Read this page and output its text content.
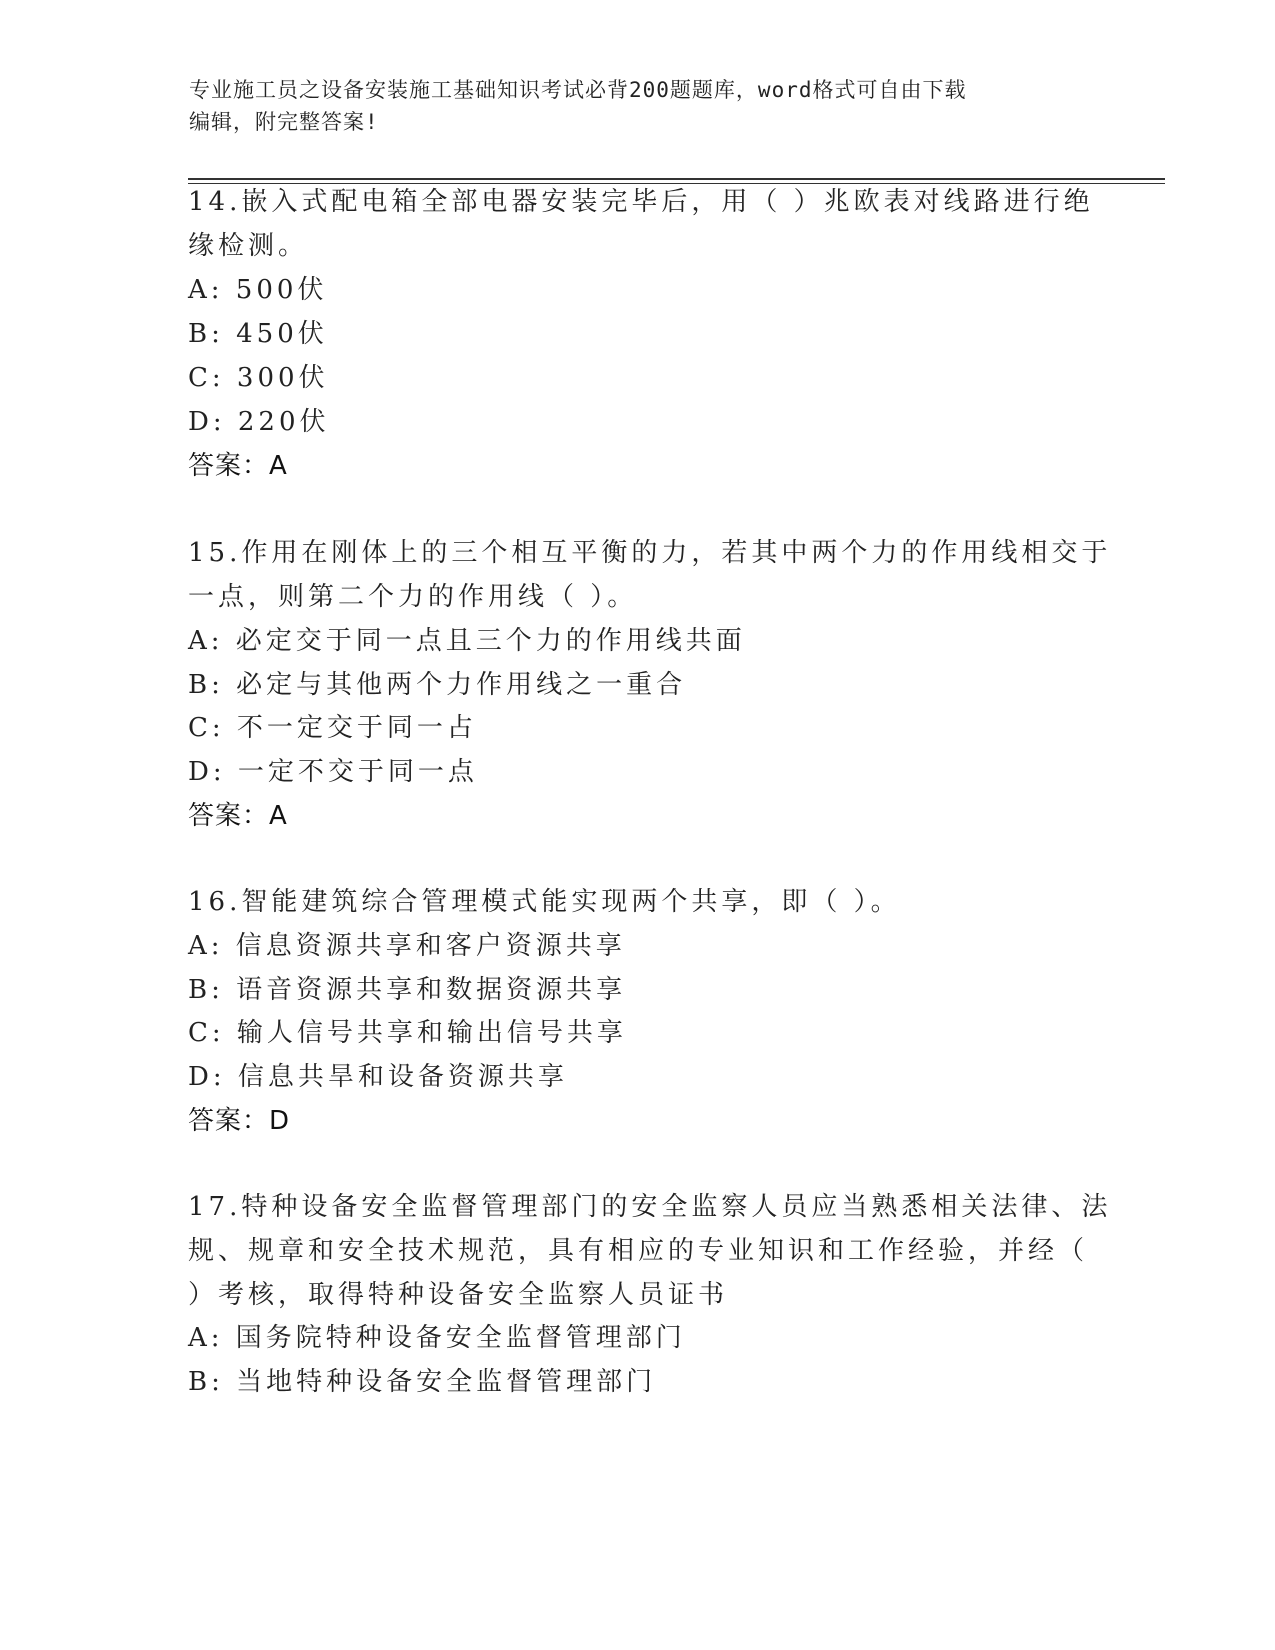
专业施工员之设备安装施工基础知识考试必背200题题库，word格式可自由下载
编辑，附完整答案!
14.嵌入式配电箱全部电器安装完毕后，用（ ）兆欧表对线路进行绝
缘检测。
A: 500伏
B: 450伏
C: 300伏
D: 220伏
答案：A
15.作用在刚体上的三个相互平衡的力，若其中两个力的作用线相交于
一点，则第二个力的作用线（ ）。
A: 必定交于同一点且三个力的作用线共面
B: 必定与其他两个力作用线之一重合
C: 不一定交于同一占
D: 一定不交于同一点
答案：A
16.智能建筑综合管理模式能实现两个共享，即（ ）。
A: 信息资源共享和客户资源共享
B: 语音资源共享和数据资源共享
C: 输人信号共享和输出信号共享
D: 信息共旱和设备资源共享
答案：D
17.特种设备安全监督管理部门的安全监察人员应当熟悉相关法律、法
规、规章和安全技术规范，具有相应的专业知识和工作经验，并经（
）考核，取得特种设备安全监察人员证书
A: 国务院特种设备安全监督管理部门
B: 当地特种设备安全监督管理部门
